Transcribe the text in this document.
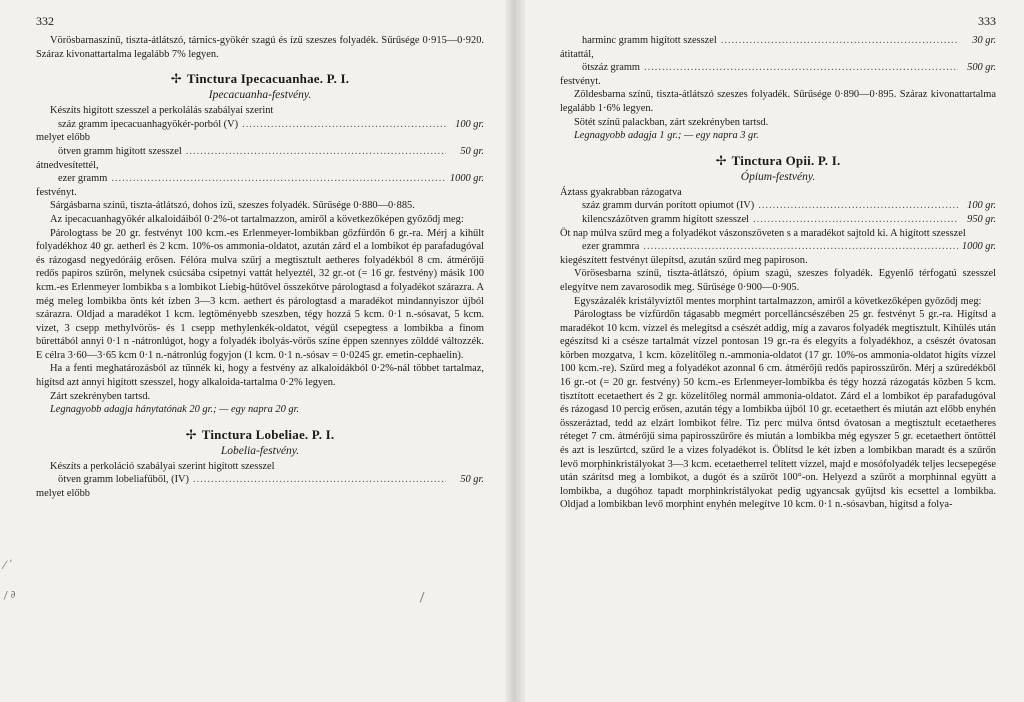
332

Vörösbarnaszínű, tiszta-átlátszó, tárnics-gyökér szagú és ízű szeszes folyadék. Sűrűsége 0·915—0·920. Száraz kivonattartalma legalább 7% legyen.

✢ Tinctura Ipecacuanhae. P. I.
Ipecacuanha-festvény.

Készíts higított szesszel a perkolálás szabályai szerint

száz gramm ipecacuanhagyökér-porból (V) .....	100 gr.

melyet előbb

ötven gramm higított szesszel .....	50 gr.

átnedvesítettél,

ezer gramm .....	1000 gr.

festvényt.

Sárgásbarna színű, tiszta-átlátszó, dohos ízű, szeszes folyadék. Sűrűsége 0·880—0·885.

Az ipecacuanhagyökér alkaloidáiból 0·2%-ot tartalmazzon, amiről a következőképen győződj meg:

Párologtass be 20 gr. festvényt 100 kcm.-es Erlenmeyer-lombikban gőzfürdőn 6 gr.-ra. Mérj a kihűlt folyadékhoz 40 gr. aetherl és 2 kcm. 10%-os ammonia-oldatot, azután zárd el a lombikot ép parafadugóval és rázogasd negyedóráig erősen. Félóra mulva szűrj a megtisztult aetheres folyadékból 8 cm. átmérőjű redős papiros szűrőn, melynek csúcsába csipetnyi vattát helyeztél, 32 gr.-ot (= 16 gr. festvény) másik 100 kcm.-es Erlenmeyer lombikba s a lombikot Liebig-hűtővel összekötve párologtasd a folyadékot szárazra. A még meleg lombikba önts két ízben 3—3 kcm. aethert és párologtasd a maradékot mindannyiszor újból szárazra. Oldjad a maradékot 1 kcm. legtöményebb szeszben, tégy hozzá 5 kcm. 0·1 n.-sósavat, 5 kcm. vizet, 3 csepp methylvörös- és 1 csepp methylenkék-oldatot, végül csepegtess a lombikba a finom bürettából annyi 0·1 n -nátronlúgot, hogy a folyadék ibolyás-vörös színe éppen szennyes zölddé változzék. E célra 3·60—3·65 kcm 0·1 n.-nátronlúg fogyjon (1 kcm. 0·1 n.-sósav = 0·0245 gr. emetin-cephaelin).

Ha a fenti meghatározásból az tűnnék ki, hogy a festvény az alkaloidákból 0·2%-nál többet tartalmaz, higítsd azt annyi higított szesszel, hogy alkaloida-tartalma 0·2% legyen.

Zárt szekrényben tartsd.

Legnagyobb adagja hánytatónak 20 gr.; — egy napra 20 gr.

✢ Tinctura Lobeliae. P. I.
Lobelia-festvény.

Készíts a perkoláció szabályai szerint higított szesszel

ötven gramm lobeliafűből, (IV) .....	50 gr.

melyet előbb

⁄ ʹ
/ ∂	/
333
harminc gramm higított szesszel .....	30 gr.

átitattál,

ötszáz gramm .....	500 gr.

festvényt.

Zöldesbarna színű, tiszta-átlátszó szeszes folyadék. Sűrűsége 0·890—0·895. Száraz kivonattartalma legalább 1·6% legyen.

Sötét színű palackban, zárt szekrényben tartsd.

Legnagyobb adagja 1 gr.; — egy napra 3 gr.

✢ Tinctura Opii. P. I.
Ópium-festvény.

Áztass gyakrabban rázogatva

száz gramm durván porított opiumot (IV) .....	100 gr.
kilencszázötven gramm higított szesszel .....	950 gr.

Öt nap múlva szűrd meg a folyadékot vászonszöveten s a maradékot sajtold ki. A higított szesszel

ezer grammra .....	1000 gr.

kiegészített festvényt ülepítsd, azután szűrd meg papiroson.

Vörösesbarna színű, tiszta-átlátszó, ópium szagú, szeszes folyadék. Egyenlő térfogatú szesszel elegyítve nem zavarosodik meg. Sűrűsége 0·900—0·905.

Egyszázalék kristályvíztől mentes morphint tartalmazzon, amiről a következőképen győződj meg:

Párologtass be vízfürdőn tágasabb megmért porcelláncsészében 25 gr. festvényt 5 gr.-ra. Higítsd a maradékot 10 kcm. vízzel és melegítsd a csészét addig, míg a zavaros folyadék megtisztult. Kihülés után egészítsd ki a csésze tartalmát vízzel pontosan 19 gr.-ra és elegyíts a folyadékhoz, a csészét óvatosan körben mozgatva, 1 kcm. közelítőleg n.-ammonia-oldatot (17 gr. 10%-os ammonia-oldatot higíts vízzel 100 kcm.-re). Szűrd meg a folyadékot azonnal 6 cm. átmérőjű redős papirosszűrőn. Mérj a szűredékből 16 gr.-ot (= 20 gr. festvény) 50 kcm.-es Erlenmeyer-lombikba és tégy hozzá rázogatás közben 5 kcm. tisztított ecetaethert és 2 gr. közelítőleg normál ammonia-oldatot. Zárd el a lombikot ép parafadugóval és rázogasd 10 percig erősen, azután tégy a lombikba újból 10 gr. ecetaethert és miután azt előbb enyhén összeráztad, tedd az elzárt lombikot félre. Tiz perc múlva öntsd óvatosan a megtisztult ecetaetheres réteget 7 cm. átmérőjű sima papirosszűrőre és miután a lombikba még egyszer 5 gr. ecetaethert öntöttél és azt is leszűrtcd, szűrd le a vizes folyadékot is. Öblítsd le két ízben a lombikban maradt és a szűrőn levő morphinkristályokat 3—3 kcm. ecetaetherrel telített vízzel, majd e mosófolyadék teljes lecsepegése után szárítsd meg a lombikot, a dugót és a szűrőt 100°-on. Helyezd a szűrőt a morphinnal együtt a lombikba, a dugóhoz tapadt morphinkristályokat pedig ugyancsak gyűjtsd kis ecsettel a lombikba. Oldjad a lombikban levő morphint enyhén melegítve 10 kcm. 0·1 n.-sósavban, higítsd a folya-
